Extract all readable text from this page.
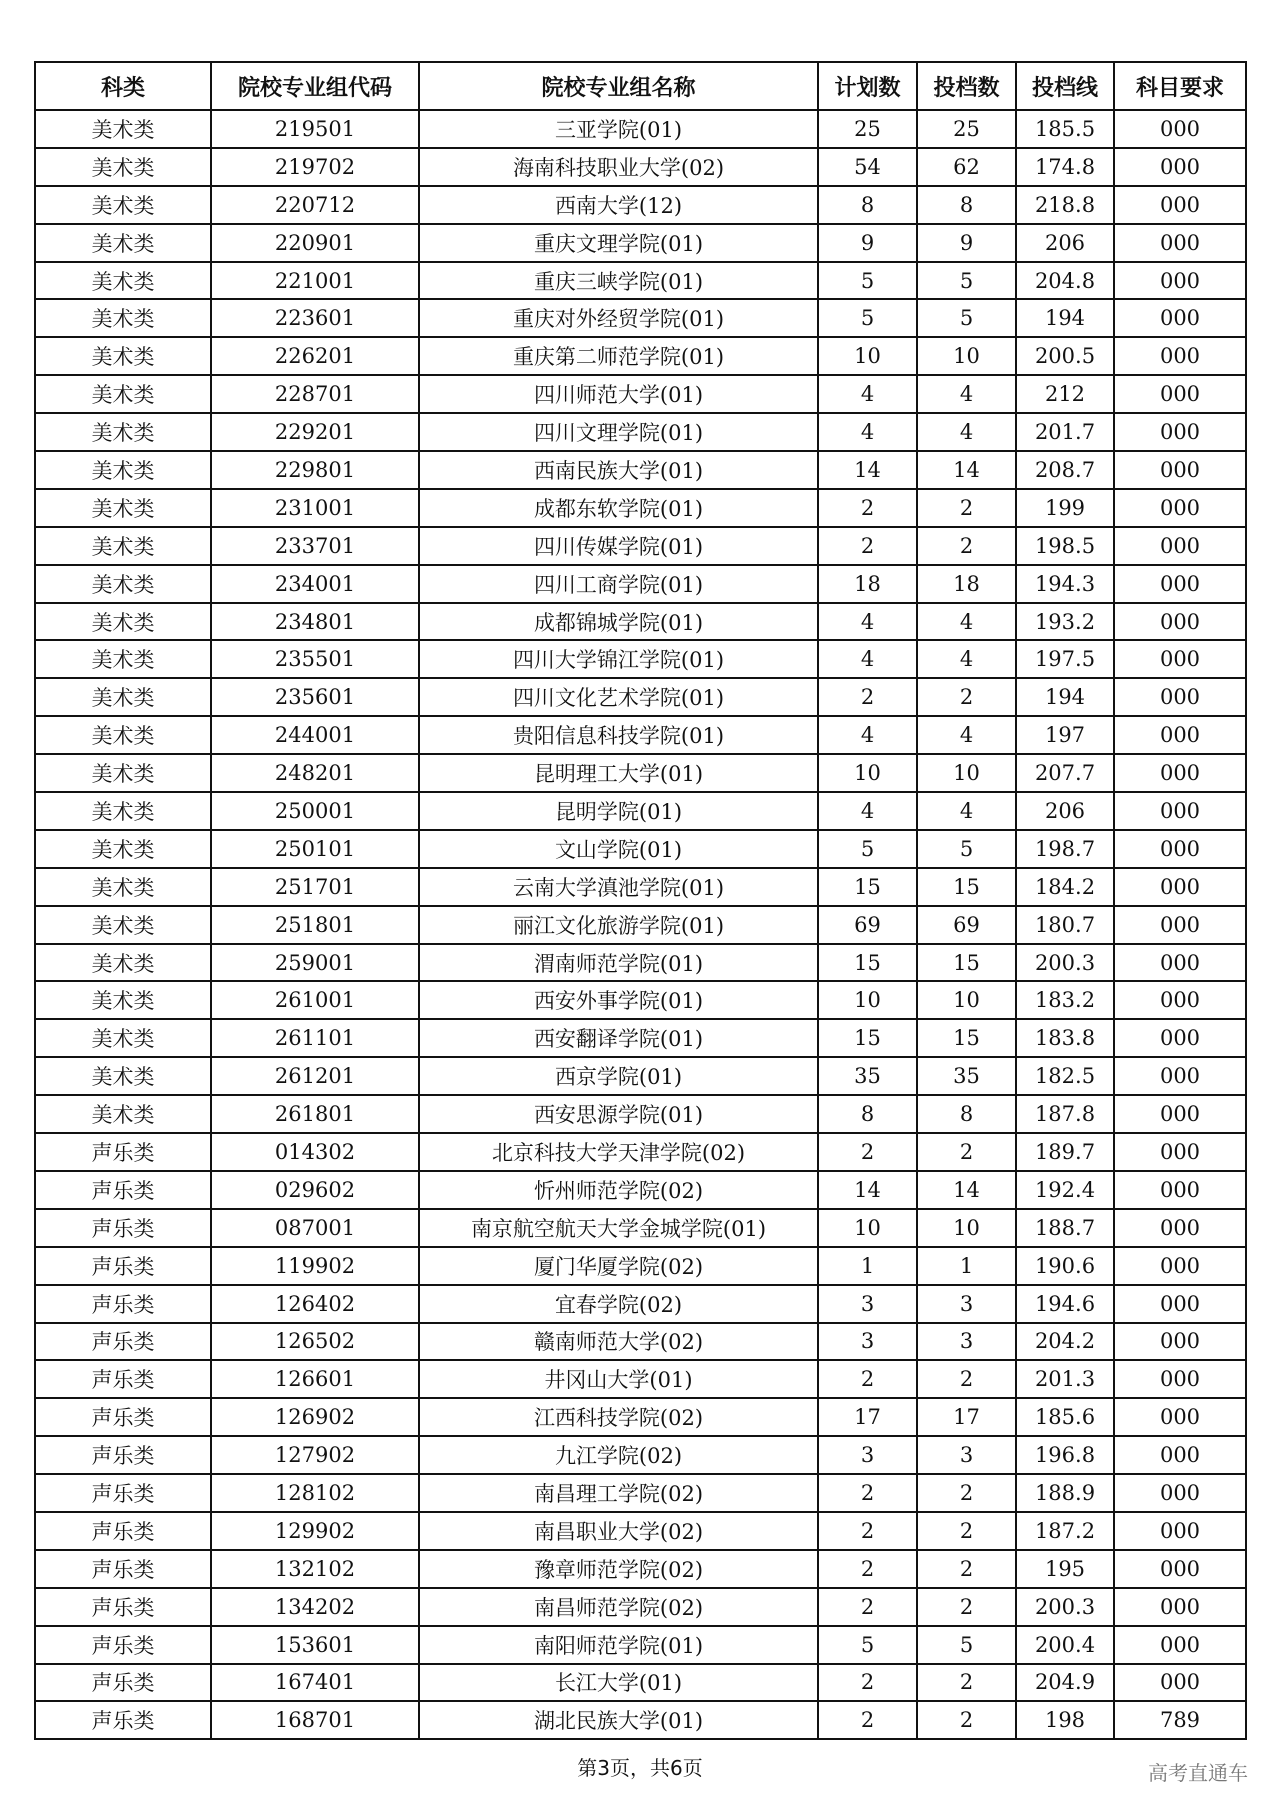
科类	院校专业组代码	院校专业组名称	计划数	投档数	投档线	科目要求
美术类	219501	三亚学院(01)	25	25	185.5	000
美术类	219702	海南科技职业大学(02)	54	62	174.8	000
美术类	220712	西南大学(12)	8	8	218.8	000
美术类	220901	重庆文理学院(01)	9	9	206	000
美术类	221001	重庆三峡学院(01)	5	5	204.8	000
美术类	223601	重庆对外经贸学院(01)	5	5	194	000
美术类	226201	重庆第二师范学院(01)	10	10	200.5	000
美术类	228701	四川师范大学(01)	4	4	212	000
美术类	229201	四川文理学院(01)	4	4	201.7	000
美术类	229801	西南民族大学(01)	14	14	208.7	000
美术类	231001	成都东软学院(01)	2	2	199	000
美术类	233701	四川传媒学院(01)	2	2	198.5	000
美术类	234001	四川工商学院(01)	18	18	194.3	000
美术类	234801	成都锦城学院(01)	4	4	193.2	000
美术类	235501	四川大学锦江学院(01)	4	4	197.5	000
美术类	235601	四川文化艺术学院(01)	2	2	194	000
美术类	244001	贵阳信息科技学院(01)	4	4	197	000
美术类	248201	昆明理工大学(01)	10	10	207.7	000
美术类	250001	昆明学院(01)	4	4	206	000
美术类	250101	文山学院(01)	5	5	198.7	000
美术类	251701	云南大学滇池学院(01)	15	15	184.2	000
美术类	251801	丽江文化旅游学院(01)	69	69	180.7	000
美术类	259001	渭南师范学院(01)	15	15	200.3	000
美术类	261001	西安外事学院(01)	10	10	183.2	000
美术类	261101	西安翻译学院(01)	15	15	183.8	000
美术类	261201	西京学院(01)	35	35	182.5	000
美术类	261801	西安思源学院(01)	8	8	187.8	000
声乐类	014302	北京科技大学天津学院(02)	2	2	189.7	000
声乐类	029602	忻州师范学院(02)	14	14	192.4	000
声乐类	087001	南京航空航天大学金城学院(01)	10	10	188.7	000
声乐类	119902	厦门华厦学院(02)	1	1	190.6	000
声乐类	126402	宜春学院(02)	3	3	194.6	000
声乐类	126502	赣南师范大学(02)	3	3	204.2	000
声乐类	126601	井冈山大学(01)	2	2	201.3	000
声乐类	126902	江西科技学院(02)	17	17	185.6	000
声乐类	127902	九江学院(02)	3	3	196.8	000
声乐类	128102	南昌理工学院(02)	2	2	188.9	000
声乐类	129902	南昌职业大学(02)	2	2	187.2	000
声乐类	132102	豫章师范学院(02)	2	2	195	000
声乐类	134202	南昌师范学院(02)	2	2	200.3	000
声乐类	153601	南阳师范学院(01)	5	5	200.4	000
声乐类	167401	长江大学(01)	2	2	204.9	000
声乐类	168701	湖北民族大学(01)	2	2	198	789
第3页，共6页	高考直通车
